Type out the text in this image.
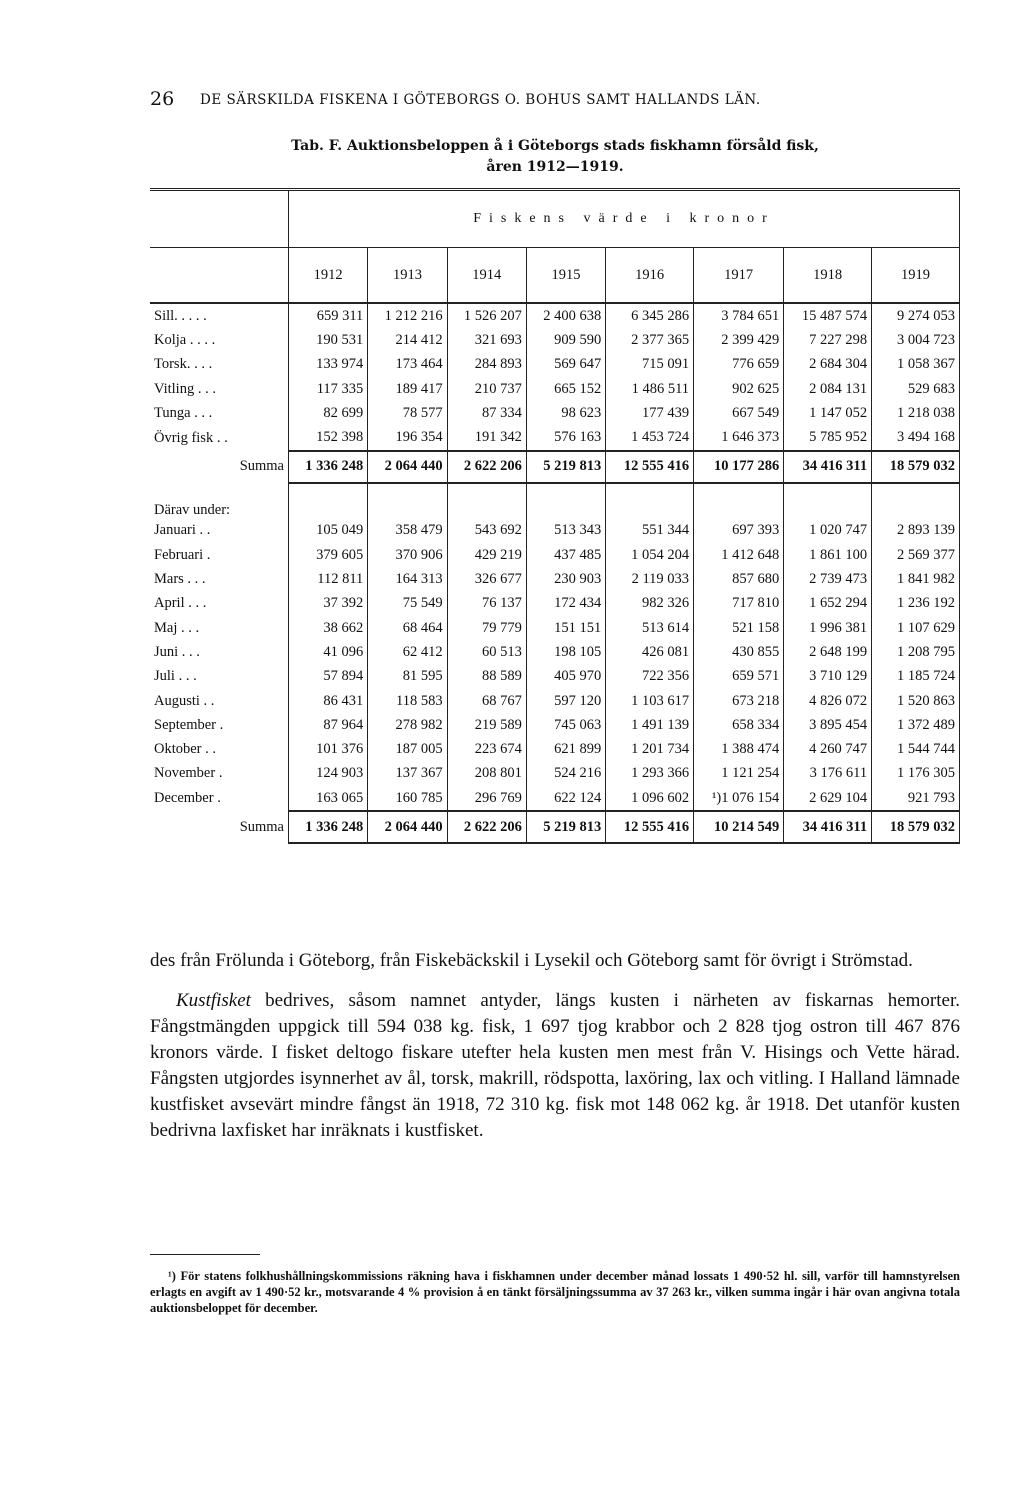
26 DE SÄRSKILDA FISKENA I GÖTEBORGS O. BOHUS SAMT HALLANDS LÄN.
Tab. F. Auktionsbeloppen å i Göteborgs stads fiskhamn försåld fisk,
åren 1912—1919.
	Fiskens värde i kronor							
	1912	1913	1914	1915	1916	1917	1918	1919
Sill. . . . .	659 311	1 212 216	1 526 207	2 400 638	6 345 286	3 784 651	15 487 574	9 274 053
Kolja . . . .	190 531	214 412	321 693	909 590	2 377 365	2 399 429	7 227 298	3 004 723
Torsk. . . .	133 974	173 464	284 893	569 647	715 091	776 659	2 684 304	1 058 367
Vitling . . .	117 335	189 417	210 737	665 152	1 486 511	902 625	2 084 131	529 683
Tunga . . .	82 699	78 577	87 334	98 623	177 439	667 549	1 147 052	1 218 038
Övrig fisk . .	152 398	196 354	191 342	576 163	1 453 724	1 646 373	5 785 952	3 494 168
Summa	1 336 248	2 064 440	2 622 206	5 219 813	12 555 416	10 177 286	34 416 311	18 579 032
Därav under:								
Januari . .	105 049	358 479	543 692	513 343	551 344	697 393	1 020 747	2 893 139
Februari .	379 605	370 906	429 219	437 485	1 054 204	1 412 648	1 861 100	2 569 377
Mars . . .	112 811	164 313	326 677	230 903	2 119 033	857 680	2 739 473	1 841 982
April . . .	37 392	75 549	76 137	172 434	982 326	717 810	1 652 294	1 236 192
Maj . . .	38 662	68 464	79 779	151 151	513 614	521 158	1 996 381	1 107 629
Juni . . .	41 096	62 412	60 513	198 105	426 081	430 855	2 648 199	1 208 795
Juli . . .	57 894	81 595	88 589	405 970	722 356	659 571	3 710 129	1 185 724
Augusti . .	86 431	118 583	68 767	597 120	1 103 617	673 218	4 826 072	1 520 863
September .	87 964	278 982	219 589	745 063	1 491 139	658 334	3 895 454	1 372 489
Oktober . .	101 376	187 005	223 674	621 899	1 201 734	1 388 474	4 260 747	1 544 744
November .	124 903	137 367	208 801	524 216	1 293 366	1 121 254	3 176 611	1 176 305
December .	163 065	160 785	296 769	622 124	1 096 602	¹)1 076 154	2 629 104	921 793
Summa	1 336 248	2 064 440	2 622 206	5 219 813	12 555 416	10 214 549	34 416 311	18 579 032

des från Frölunda i Göteborg, från Fiskebäckskil i Lysekil och Göteborg samt för övrigt i Strömstad.

Kustfisket bedrives, såsom namnet antyder, längs kusten i närheten av fiskarnas hemorter. Fångstmängden uppgick till 594 038 kg. fisk, 1 697 tjog krabbor och 2 828 tjog ostron till 467 876 kronors värde. I fisket deltogo fiskare utefter hela kusten men mest från V. Hisings och Vette härad. Fångsten utgjordes isynnerhet av ål, torsk, makrill, rödspotta, laxöring, lax och vitling. I Halland lämnade kustfisket avsevärt mindre fångst än 1918, 72 310 kg. fisk mot 148 062 kg. år 1918. Det utanför kusten bedrivna laxfisket har inräknats i kustfisket.

¹) För statens folkhushållningskommissions räkning hava i fiskhamnen under december månad lossats 1 490·52 hl. sill, varför till hamnstyrelsen erlagts en avgift av 1 490·52 kr., motsvarande 4 % provision å en tänkt försäljningssumma av 37 263 kr., vilken summa ingår i här ovan angivna totala auktionsbeloppet för december.
